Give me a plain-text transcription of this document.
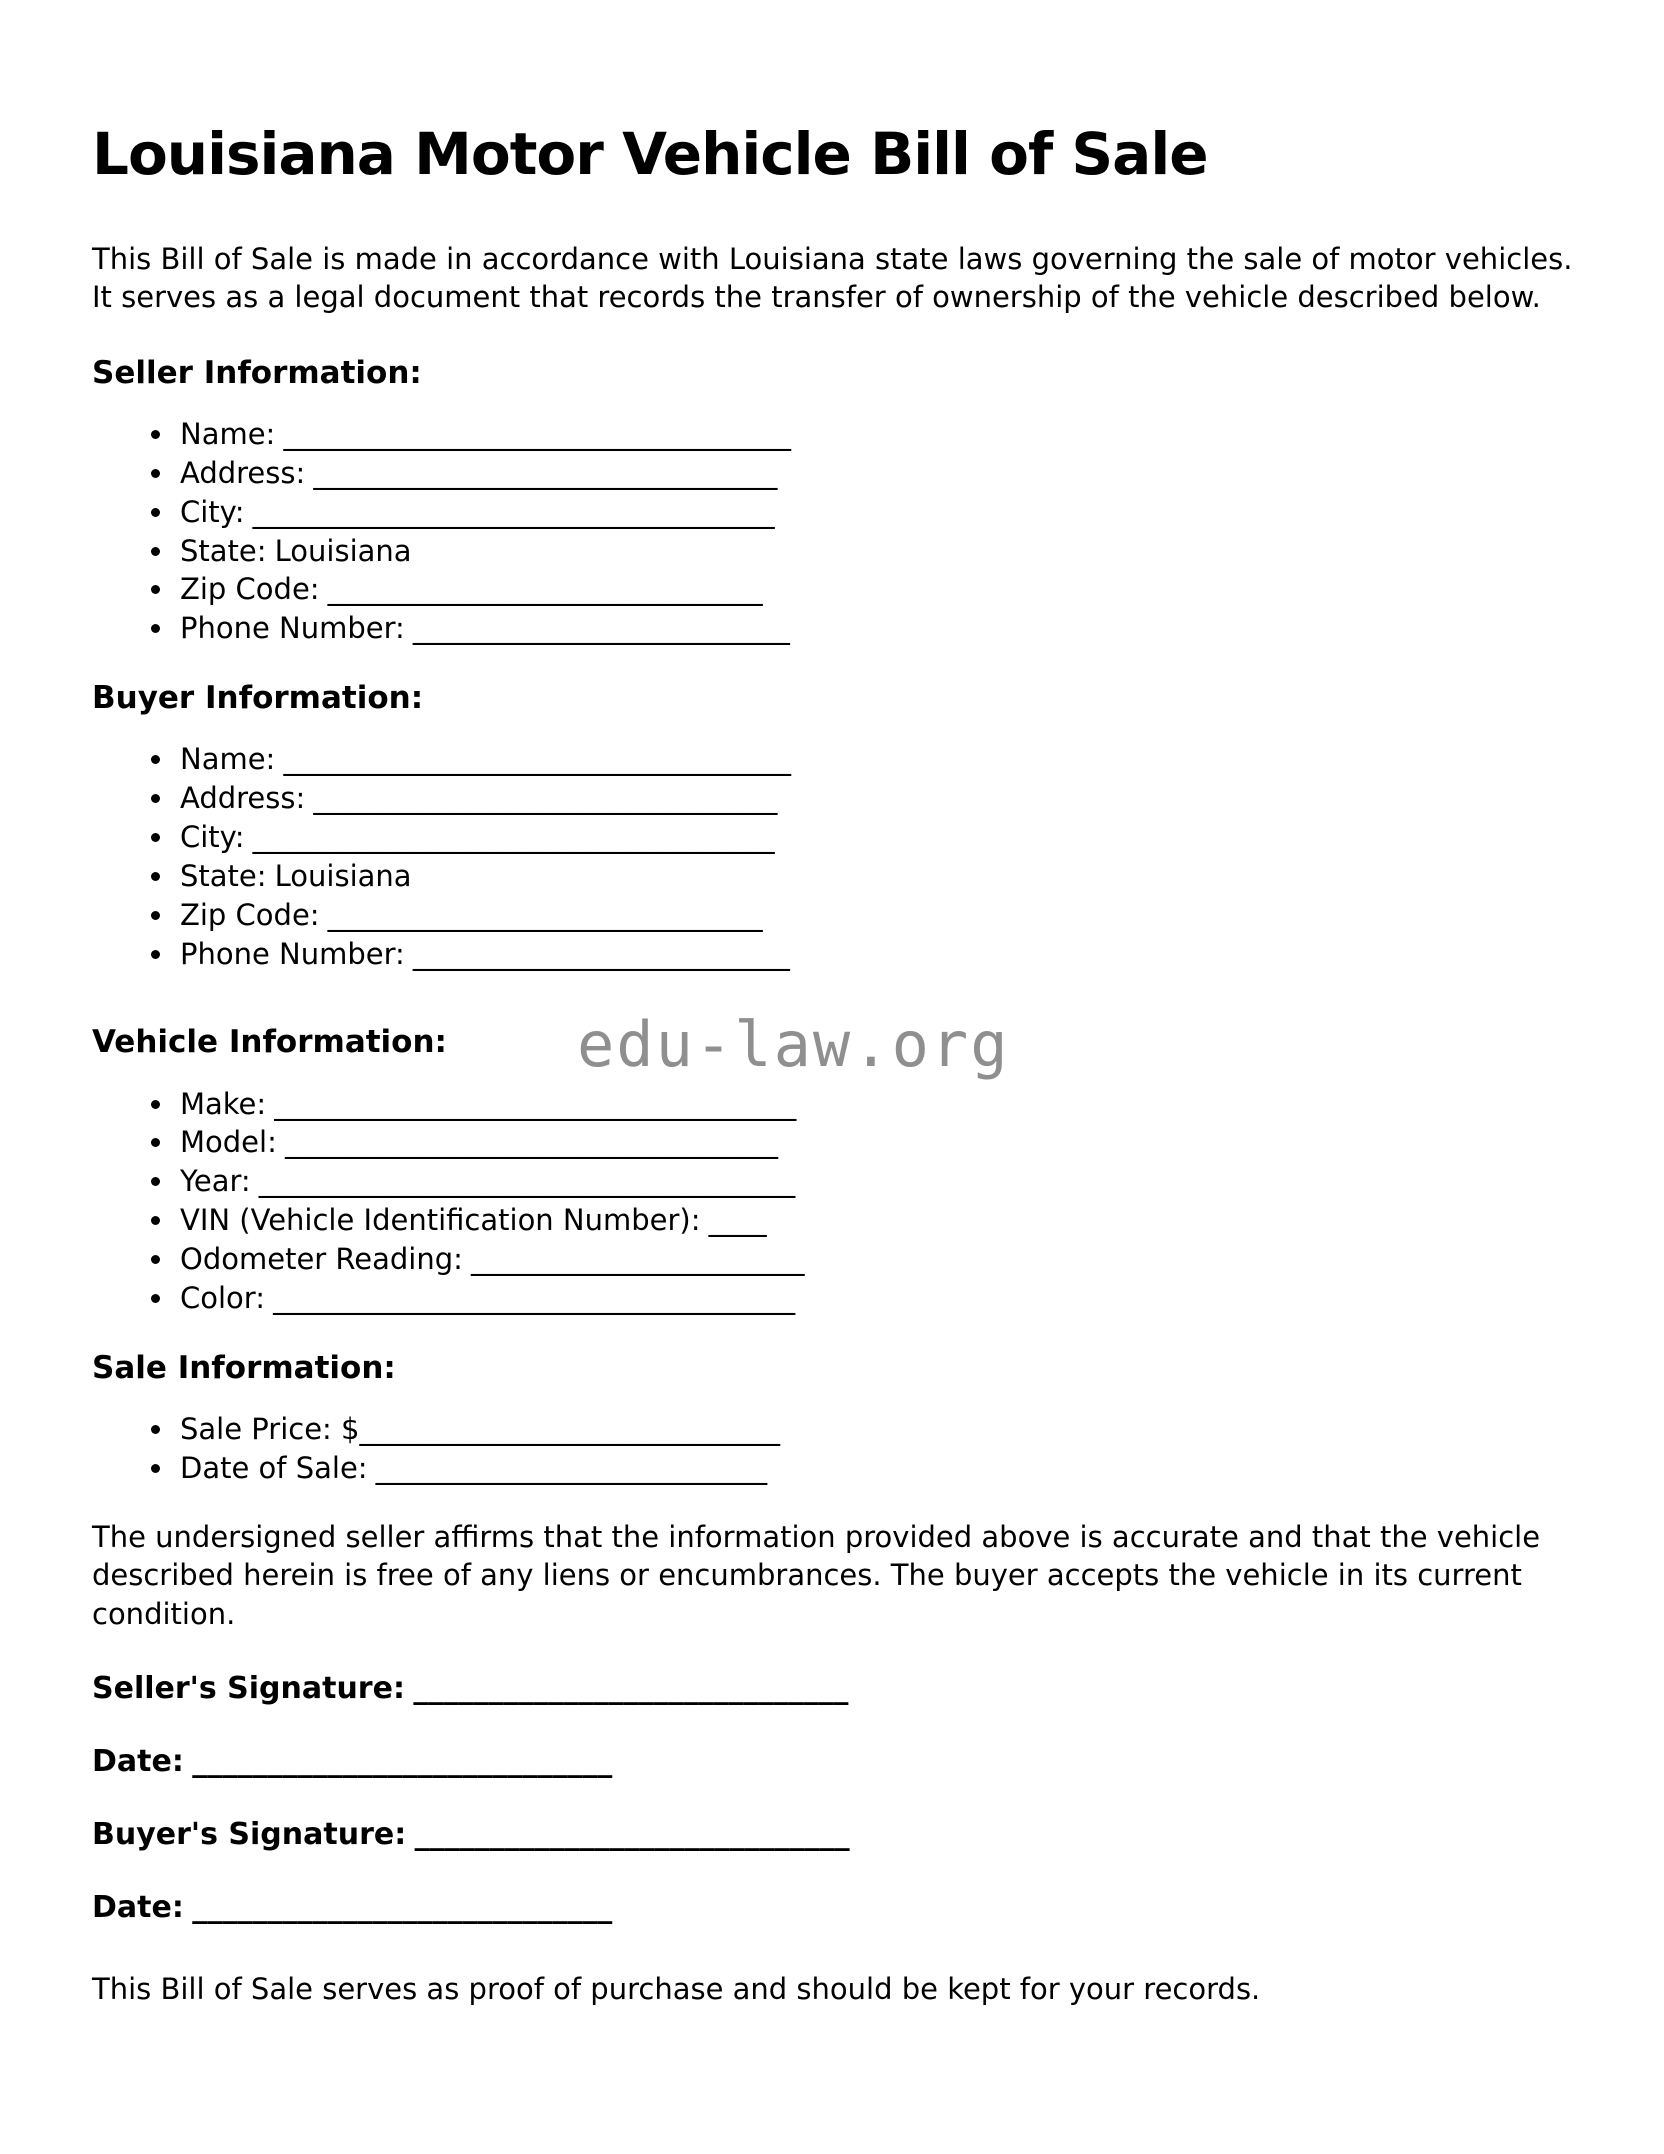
Louisiana Motor Vehicle Bill of Sale

This Bill of Sale is made in accordance with Louisiana state laws governing the sale of motor vehicles. It serves as a legal document that records the transfer of ownership of the vehicle described below.

Seller Information:
• Name: ___________________________________
• Address: ________________________________
• City: ____________________________________
• State: Louisiana
• Zip Code: ______________________________
• Phone Number: __________________________
Buyer Information:
• Name: ___________________________________
• Address: ________________________________
• City: ____________________________________
• State: Louisiana
• Zip Code: ______________________________
• Phone Number: __________________________
Vehicle Information: edu-law.org
• Make: ____________________________________
• Model: __________________________________
• Year: _____________________________________
• VIN (Vehicle Identification Number): ____
• Odometer Reading: _______________________
• Color: ____________________________________
Sale Information:
• Sale Price: $_____________________________
• Date of Sale: ___________________________

The undersigned seller affirms that the information provided above is accurate and that the vehicle described herein is free of any liens or encumbrances. The buyer accepts the vehicle in its current condition.

Seller's Signature: _____________________________

Date: ____________________________

Buyer's Signature: _____________________________

Date: ____________________________

This Bill of Sale serves as proof of purchase and should be kept for your records.
